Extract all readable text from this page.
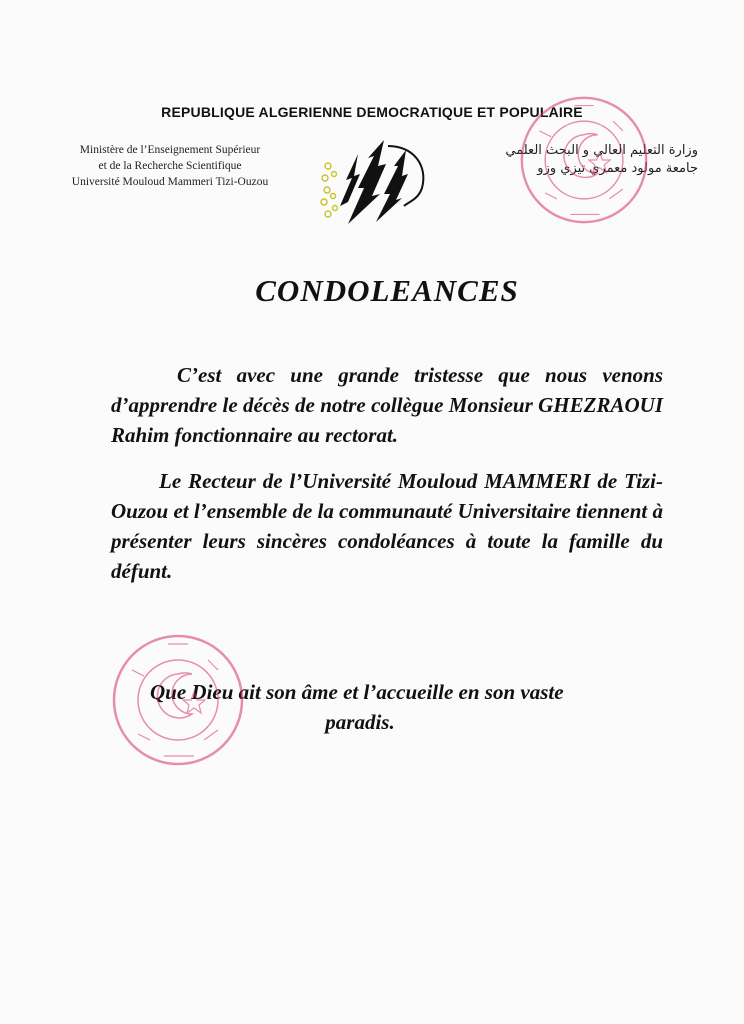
REPUBLIQUE ALGERIENNE DEMOCRATIQUE ET POPULAIRE
Ministère de l’Enseignement Supérieur
et de la Recherche Scientifique
Université Mouloud Mammeri Tizi-Ouzou
وزارة التعليم العالي و البحث العلمي
جامعة مولود معمري تيزي وزو
CONDOLEANCES

C’est avec une grande tristesse que nous venons d’apprendre le décès de notre collègue Monsieur GHEZRAOUI Rahim fonctionnaire au rectorat.

Le Recteur de l’Université Mouloud MAMMERI de Tizi-Ouzou et l’ensemble de la communauté Universitaire tiennent à présenter leurs sincères condoléances à toute la famille du défunt.

Que Dieu ait son âme et l’accueille en son vaste
paradis.
